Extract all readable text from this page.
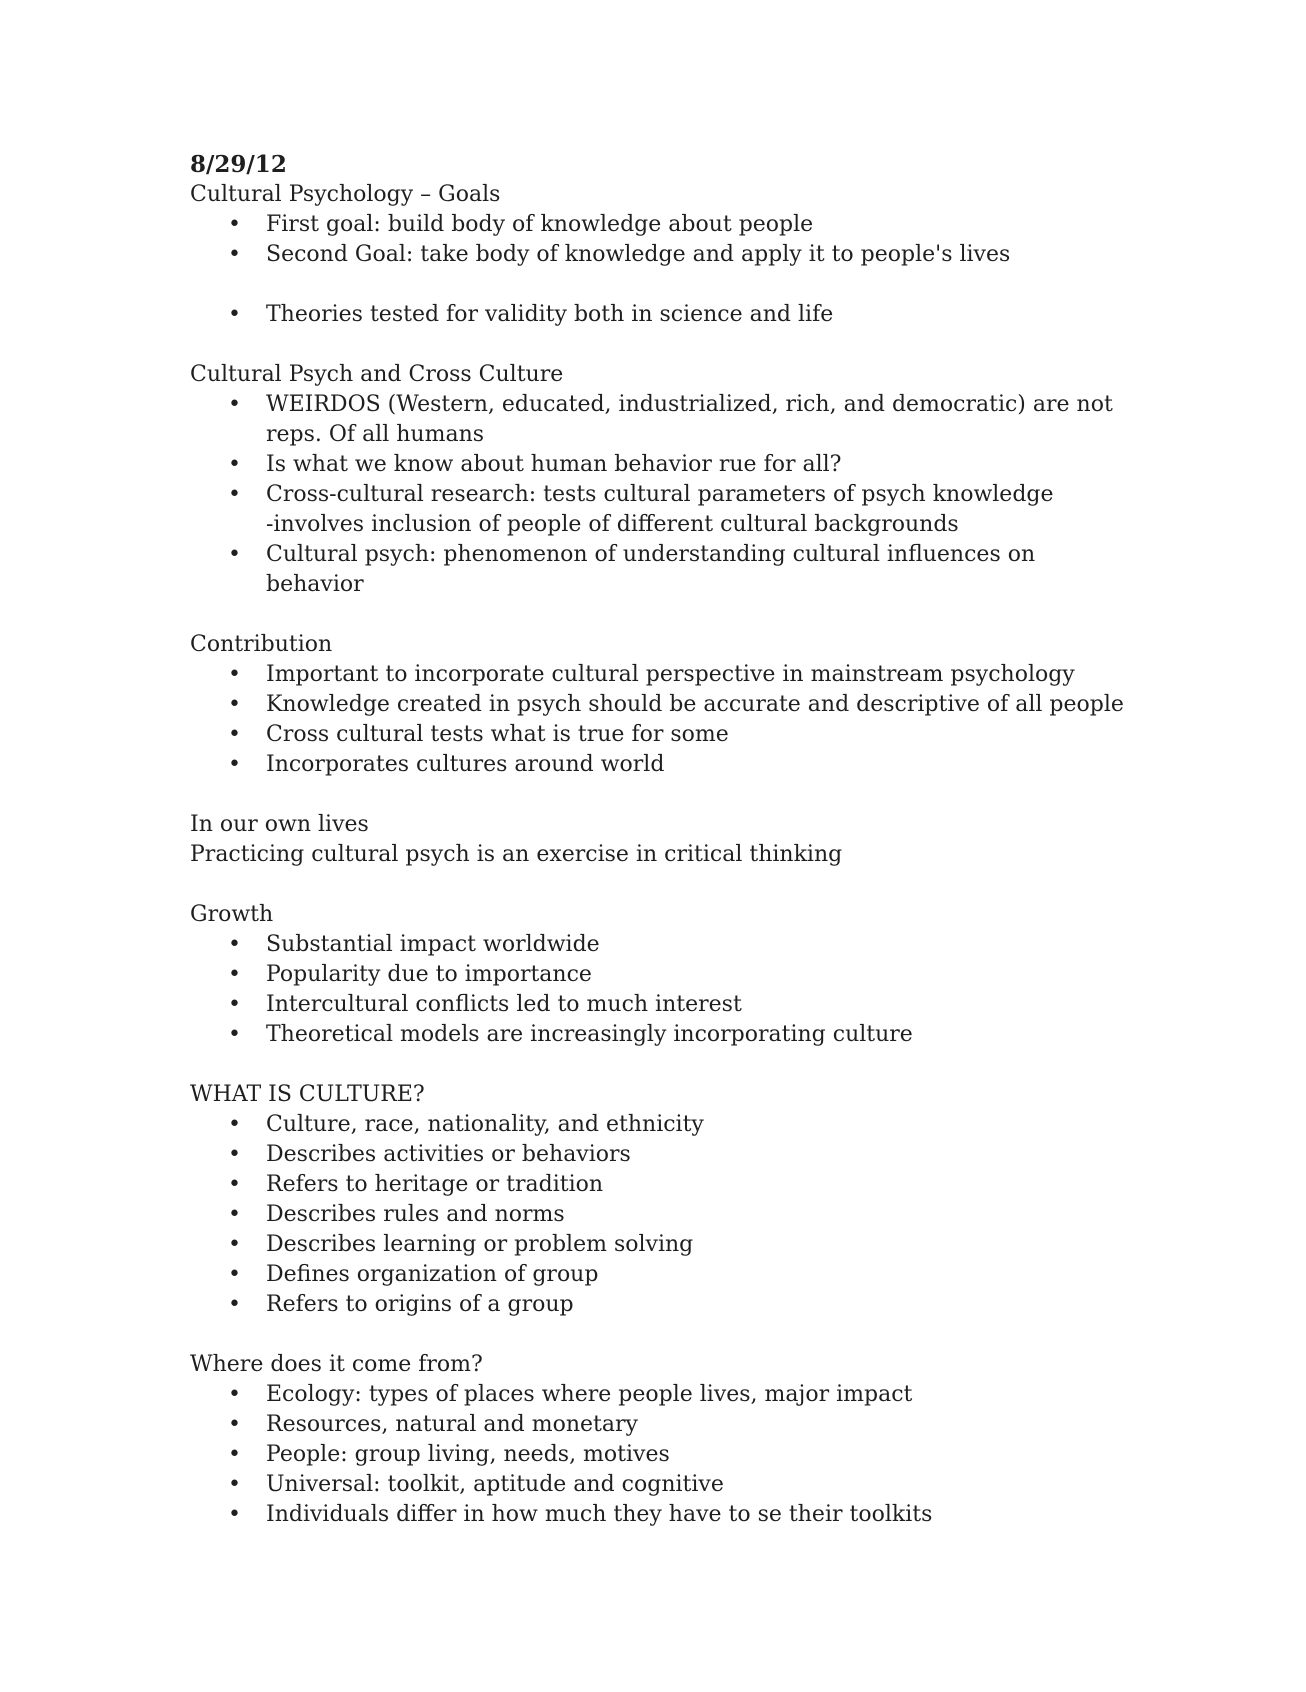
8/29/12

Cultural Psychology – Goals

• First goal: build body of knowledge about people
• Second Goal: take body of knowledge and apply it to people's lives
• Theories tested for validity both in science and life

Cultural Psych and Cross Culture

• WEIRDOS (Western, educated, industrialized, rich, and democratic) are not
reps. Of all humans
• Is what we know about human behavior rue for all?
• Cross-cultural research: tests cultural parameters of psych knowledge
-involves inclusion of people of different cultural backgrounds
• Cultural psych: phenomenon of understanding cultural influences on
behavior

Contribution

• Important to incorporate cultural perspective in mainstream psychology
• Knowledge created in psych should be accurate and descriptive of all people
• Cross cultural tests what is true for some
• Incorporates cultures around world

In our own lives

Practicing cultural psych is an exercise in critical thinking

Growth

• Substantial impact worldwide
• Popularity due to importance
• Intercultural conflicts led to much interest
• Theoretical models are increasingly incorporating culture

WHAT IS CULTURE?

• Culture, race, nationality, and ethnicity
• Describes activities or behaviors
• Refers to heritage or tradition
• Describes rules and norms
• Describes learning or problem solving
• Defines organization of group
• Refers to origins of a group

Where does it come from?

• Ecology: types of places where people lives, major impact
• Resources, natural and monetary
• People: group living, needs, motives
• Universal: toolkit, aptitude and cognitive
• Individuals differ in how much they have to se their toolkits
